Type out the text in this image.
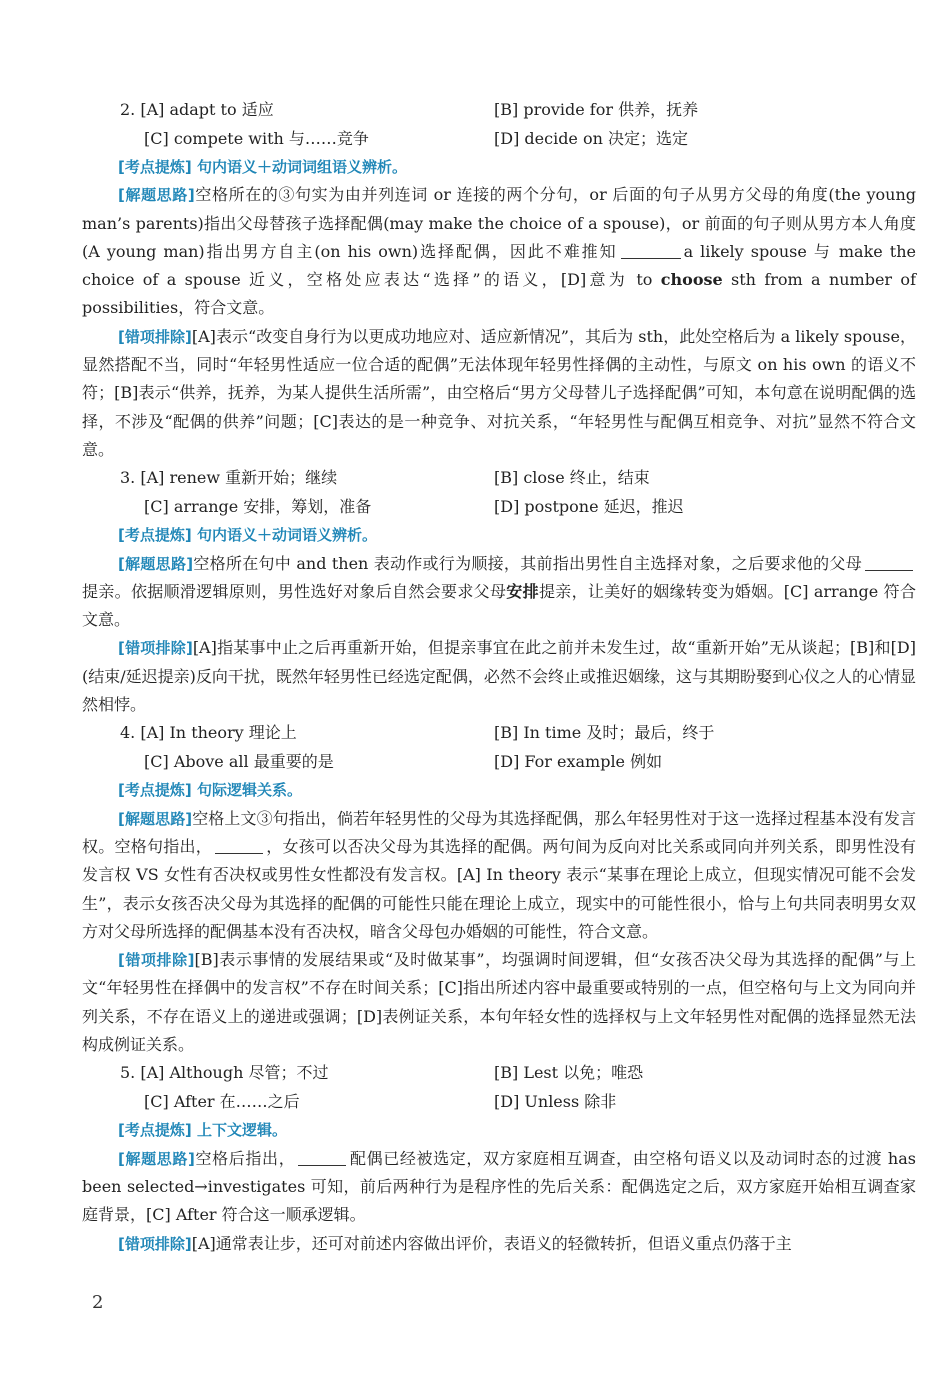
2. [A] adapt to 适应	[B] provide for 供养，抚养
[C] compete with 与……竞争	[D] decide on 决定；选定
[考点提炼] 句内语义＋动词词组语义辨析。

[解题思路]空格所在的③句实为由并列连词 or 连接的两个分句，or 后面的句子从男方父母的角度(the young man’s parents)指出父母替孩子选择配偶(may make the choice of a spouse)，or 前面的句子则从男方本人角度(A young man)指出男方自主(on his own)选择配偶，因此不难推知	a likely spouse 与 make the choice of a spouse 近义，空格处应表达“选择”的语义，[D]意为 to choose sth from a number of possibilities，符合文意。

[错项排除][A]表示“改变自身行为以更成功地应对、适应新情况”，其后为 sth，此处空格后为 a likely spouse，显然搭配不当，同时“年轻男性适应一位合适的配偶”无法体现年轻男性择偶的主动性，与原文 on his own 的语义不符；[B]表示“供养，抚养，为某人提供生活所需”，由空格后“男方父母替儿子选择配偶”可知，本句意在说明配偶的选择，不涉及“配偶的供养”问题；[C]表达的是一种竞争、对抗关系，“年轻男性与配偶互相竞争、对抗”显然不符合文意。

3. [A] renew 重新开始；继续	[B] close 终止，结束
[C] arrange 安排，筹划，准备	[D] postpone 延迟，推迟
[考点提炼] 句内语义＋动词语义辨析。

[解题思路]空格所在句中 and then 表动作或行为顺接，其前指出男性自主选择对象，之后要求他的父母提亲。依据顺滑逻辑原则，男性选好对象后自然会要求父母安排提亲，让美好的姻缘转变为婚姻。[C] arrange 符合文意。

[错项排除][A]指某事中止之后再重新开始，但提亲事宜在此之前并未发生过，故“重新开始”无从谈起；[B]和[D](结束/延迟提亲)反向干扰，既然年轻男性已经选定配偶，必然不会终止或推迟姻缘，这与其期盼娶到心仪之人的心情显然相悖。

4. [A] In theory 理论上	[B] In time 及时；最后，终于
[C] Above all 最重要的是	[D] For example 例如
[考点提炼] 句际逻辑关系。

[解题思路]空格上文③句指出，倘若年轻男性的父母为其选择配偶，那么年轻男性对于这一选择过程基本没有发言权。空格句指出，	，女孩可以否决父母为其选择的配偶。两句间为反向对比关系或同向并列关系，即男性没有发言权 VS 女性有否决权或男性女性都没有发言权。[A] In theory 表示“某事在理论上成立，但现实情况可能不会发生”，表示女孩否决父母为其选择的配偶的可能性只能在理论上成立，现实中的可能性很小，恰与上句共同表明男女双方对父母所选择的配偶基本没有否决权，暗含父母包办婚姻的可能性，符合文意。

[错项排除][B]表示事情的发展结果或“及时做某事”，均强调时间逻辑，但“女孩否决父母为其选择的配偶”与上文“年轻男性在择偶中的发言权”不存在时间关系；[C]指出所述内容中最重要或特别的一点，但空格句与上文为同向并列关系，不存在语义上的递进或强调；[D]表例证关系，本句年轻女性的选择权与上文年轻男性对配偶的选择显然无法构成例证关系。

5. [A] Although 尽管；不过	[B] Lest 以免；唯恐
[C] After 在……之后	[D] Unless 除非
[考点提炼] 上下文逻辑。

[解题思路]空格后指出，	配偶已经被选定，双方家庭相互调查，由空格句语义以及动词时态的过渡 has been selected→investigates 可知，前后两种行为是程序性的先后关系：配偶选定之后，双方家庭开始相互调查家庭背景，[C] After 符合这一顺承逻辑。

[错项排除][A]通常表让步，还可对前述内容做出评价，表语义的轻微转折，但语义重点仍落于主

2
